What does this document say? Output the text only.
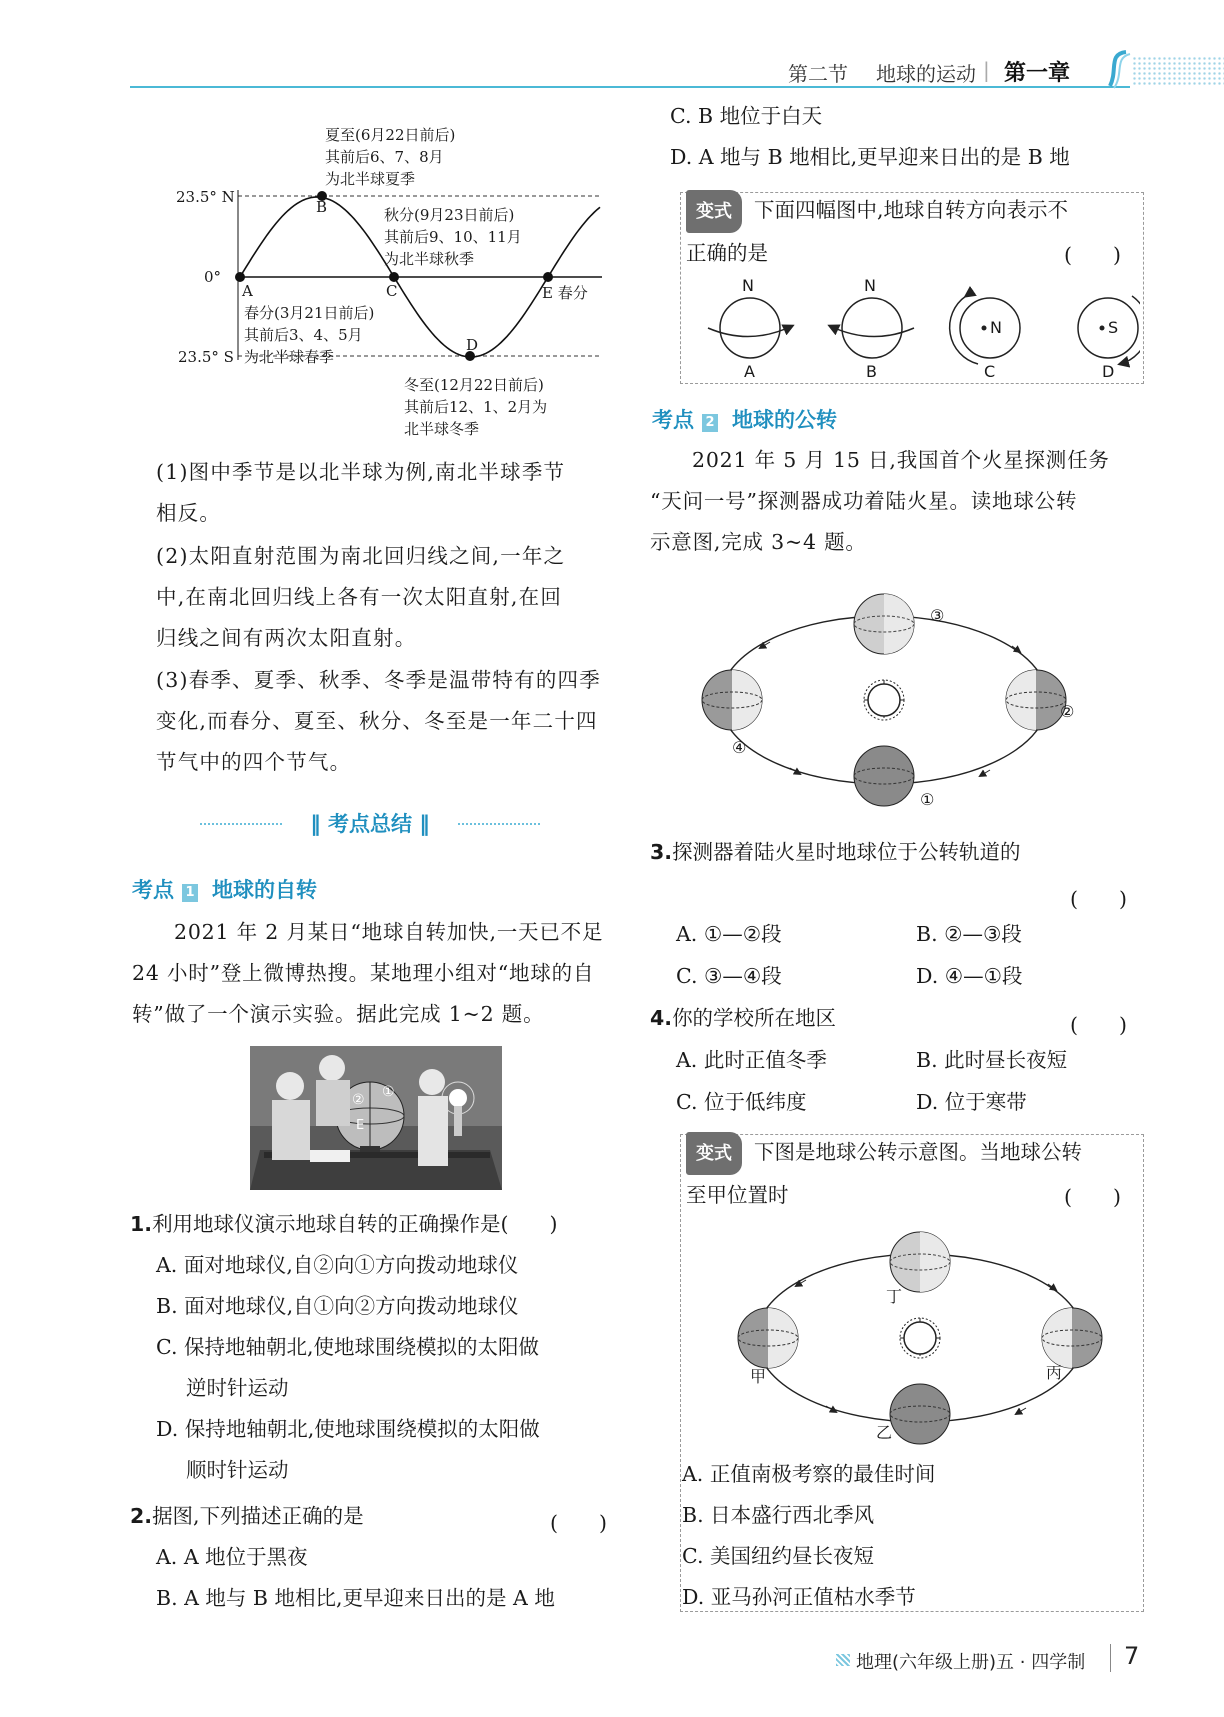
第二节 地球的运动 | 第一章
23.5° N
0°
23.5° S
A
B
C
D
E 春分
夏至(6月22日前后)
其前后6、7、8月
为北半球夏季
秋分(9月23日前后)
其前后9、10、11月
为北半球秋季
春分(3月21日前后)
其前后3、4、5月
为北半球春季
冬至(12月22日前后)
其前后12、1、2月为
北半球冬季
(1)图中季节是以北半球为例,南北半球季节
相反。
(2)太阳直射范围为南北回归线之间,一年之
中,在南北回归线上各有一次太阳直射,在回
归线之间有两次太阳直射。
(3)春季、夏季、秋季、冬季是温带特有的四季
变化,而春分、夏至、秋分、冬至是一年二十四
节气中的四个节气。
‖ 考点总结 ‖
考点 1 地球的自转
2021 年 2 月某日“地球自转加快,一天已不足
24 小时”登上微博热搜。某地理小组对“地球的自
转”做了一个演示实验。据此完成 1~2 题。
② ①
E
1.利用地球仪演示地球自转的正确操作是(　　)
A. 面对地球仪,自②向①方向拨动地球仪
B. 面对地球仪,自①向②方向拨动地球仪
C. 保持地轴朝北,使地球围绕模拟的太阳做
逆时针运动
D. 保持地轴朝北,使地球围绕模拟的太阳做
顺时针运动
2.据图,下列描述正确的是
A. A 地位于黑夜
B. A 地与 B 地相比,更早迎来日出的是 A 地
(　　)
C. B 地位于白天
D. A 地与 B 地相比,更早迎来日出的是 B 地
变式 下面四幅图中,地球自转方向表示不
正确的是	(　　)
N	N
N	S
A	B	C	D
考点 2 地球的公转
2021 年 5 月 15 日,我国首个火星探测任务
“天问一号”探测器成功着陆火星。读地球公转
示意图,完成 3~4 题。
③
②
④
①
3.探测器着陆火星时地球位于公转轨道的
(　　)
A. ①—②段	B. ②—③段
C. ③—④段	D. ④—①段
4.你的学校所在地区	(　　)
A. 此时正值冬季	B. 此时昼长夜短
C. 位于低纬度	D. 位于寒带
变式 下图是地球公转示意图。当地球公转
至甲位置时	(　　)
丁
甲	丙
乙
A. 正值南极考察的最佳时间
B. 日本盛行西北季风
C. 美国纽约昼长夜短
D. 亚马孙河正值枯水季节
地理(六年级上册)五 · 四学制 7
